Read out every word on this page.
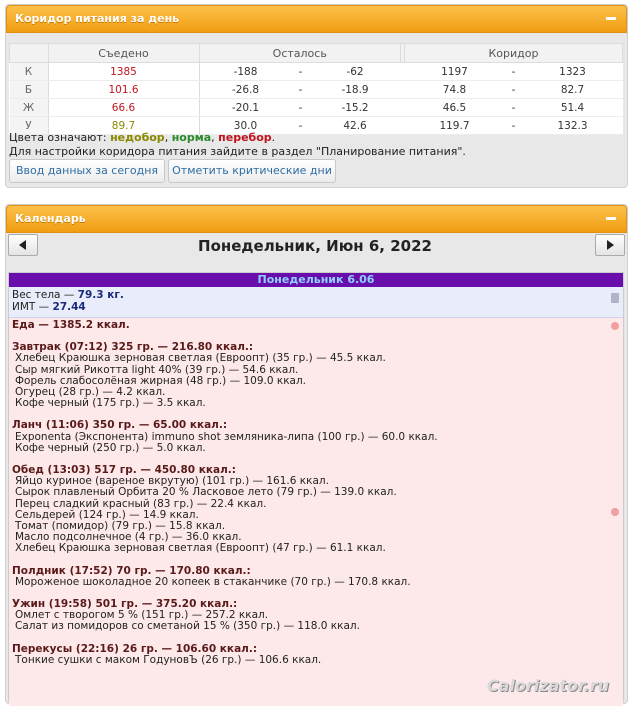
Коридор питания за день
	Съедено	Осталось				Коридор		
К	1385	-188	-	-62		1197	-	1323
Б	101.6	-26.8	-	-18.9		74.8	-	82.7
Ж	66.6	-20.1	-	-15.2		46.5	-	51.4
У	89.7	30.0	-	42.6		119.7	-	132.3
Цвета означают: недобор, норма, перебор.
Для настройки коридора питания зайдите в раздел "Планирование питания".
Ввод данных за сегодня	Отметить критические дни
Календарь
Понедельник, Июн 6, 2022
Понедельник 6.06
Вес тела — 79.3 кг.
ИМТ — 27.44
Еда — 1385.2 ккал.
Завтрак (07:12) 325 гр. — 216.80 ккал.:
Хлебец Краюшка зерновая светлая (Евроопт) (35 гр.) — 45.5 ккал.
Сыр мягкий Рикотта light 40% (39 гр.) — 54.6 ккал.
Форель слабосолёная жирная (48 гр.) — 109.0 ккал.
Огурец (28 гр.) — 4.2 ккал.
Кофе черный (175 гр.) — 3.5 ккал.
Ланч (11:06) 350 гр. — 65.00 ккал.:
Exponenta (Экспонента) immuno shot земляника-липа (100 гр.) — 60.0 ккал.
Кофе черный (250 гр.) — 5.0 ккал.
Обед (13:03) 517 гр. — 450.80 ккал.:
Яйцо куриное (вареное вкрутую) (101 гр.) — 161.6 ккал.
Сырок плавленый Орбита 20 % Ласковое лето (79 гр.) — 139.0 ккал.
Перец сладкий красный (83 гр.) — 22.4 ккал.
Сельдерей (124 гр.) — 14.9 ккал.
Томат (помидор) (79 гр.) — 15.8 ккал.
Масло подсолнечное (4 гр.) — 36.0 ккал.
Хлебец Краюшка зерновая светлая (Евроопт) (47 гр.) — 61.1 ккал.
Полдник (17:52) 70 гр. — 170.80 ккал.:
Мороженое шоколадное 20 копеек в стаканчике (70 гр.) — 170.8 ккал.
Ужин (19:58) 501 гр. — 375.20 ккал.:
Омлет с творогом 5 % (151 гр.) — 257.2 ккал.
Салат из помидоров со сметаной 15 % (350 гр.) — 118.0 ккал.
Перекусы (22:16) 26 гр. — 106.60 ккал.:
Тонкие сушки с маком ГодуновЪ (26 гр.) — 106.6 ккал.
Calorizator.ru
